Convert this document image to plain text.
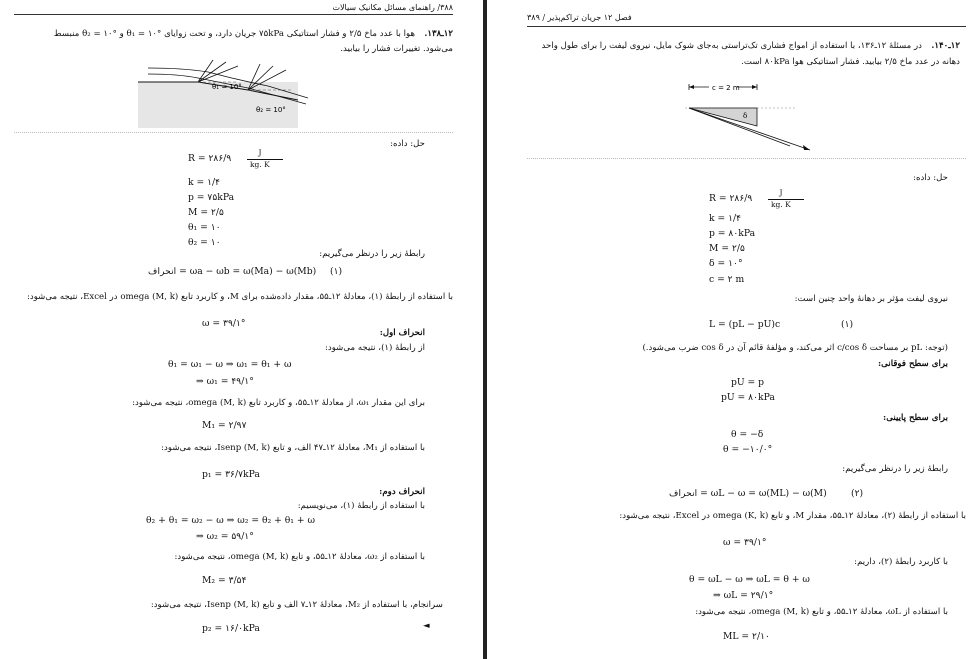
۳۸۸/ راهنمای مسائل مکانیک سیالات
۱۲ـ۱۳۸.
هوا با عدد ماخ ۲/۵ و فشار استاتیکی ۷۵kPa جریان دارد، و تحت زوایای θ₁ = ۱۰° و θ₂ = ۱۰° منبسط
می‌شود. تغییرات فشار را بیابید.
θ₁ = 10°
θ₂ = 10°
حل: داده:
R = ۲۸۶/۹
J
kg. K
k = ۱/۴
p = ۷۵kPa
M = ۲/۵
θ₁ = ۱۰
θ₂ = ۱۰
رابطهٔ زیر را درنظر می‌گیریم:
انحراف = ωa − ωb = ω(Ma) − ω(Mb) (۱)
با استفاده از رابطهٔ (۱)، معادلهٔ ۱۲ـ۵۵، مقدار داده‌شده برای M، و کاربرد تابع omega (M, k) در Excel، نتیجه می‌شود:
ω = ۳۹/۱°
انحراف اول:
از رابطهٔ (۱)، نتیجه می‌شود:
θ₁ = ω₁ − ω ⇒ ω₁ = θ₁ + ω
⇒ ω₁ = ۴۹/۱°
برای این مقدار ω₁، از معادلهٔ ۱۲ـ۵۵، و کاربرد تابع omega (M, k)، نتیجه می‌شود:
M₁ = ۲/۹۷
با استفاده از M₁، معادلهٔ ۱۲ـ۴۷ الف، و تابع Isenp (M, k)، نتیجه می‌شود:
p₁ = ۳۶/۷kPa
انحراف دوم:
با استفاده از رابطهٔ (۱)، می‌نویسیم:
θ₂ + θ₁ = ω₂ − ω ⇒ ω₂ = θ₂ + θ₁ + ω
⇒ ω₂ = ۵۹/۱°
با استفاده از ω₂، معادلهٔ ۱۲ـ۵۵، و تابع omega (M, k)، نتیجه می‌شود:
M₂ = ۳/۵۴
سرانجام، با استفاده از M₂، معادلهٔ ۱۲ـ۷ الف و تابع Isenp (M, k)، نتیجه می‌شود:
p₂ = ۱۶/۰kPa	◄
فصل ۱۲ جریان تراکم‌پذیر / ۳۸۹
۱۲ـ۱۴۰.
در مسئلهٔ ۱۲ـ۱۳۶، با استفاده از امواج فشاری تک‌تراستی به‌جای شوک مایل، نیروی لیفت را برای طول واحد
دهانه در عدد ماخ ۲/۵ بیابید. فشار استاتیکی هوا ۸۰kPa است.
c = 2 m
δ
حل: داده:
R = ۲۸۶/۹
J
kg. K
k = ۱/۴
p = ۸۰kPa
M = ۲/۵
δ = ۱۰°
c = ۲ m
نیروی لیفت مؤثر بر دهانهٔ واحد چنین است:
L = (pL − pU)c	(۱)
(توجه: pL بر مساحت c/cos δ اثر می‌کند، و مؤلفهٔ قائم آن در cos δ ضرب می‌شود.)
برای سطح فوقانی:
pU = p
pU = ۸۰kPa
برای سطح پایینی:
θ = −δ
θ = −۱۰/۰°
رابطهٔ زیر را درنظر می‌گیریم:
انحراف = ωL − ω = ω(ML) − ω(M)	(۲)
با استفاده از رابطهٔ (۲)، معادلهٔ ۱۲ـ۵۵، مقدار M، و تابع omega (K, k) در Excel، نتیجه می‌شود:
ω = ۳۹/۱°
با کاربرد رابطهٔ (۲)، داریم:
θ = ωL − ω ⇒ ωL = θ + ω
⇒ ωL = ۲۹/۱°
با استفاده از ωL، معادلهٔ ۱۲ـ۵۵، و تابع omega (M, k)، نتیجه می‌شود:
ML = ۲/۱۰
